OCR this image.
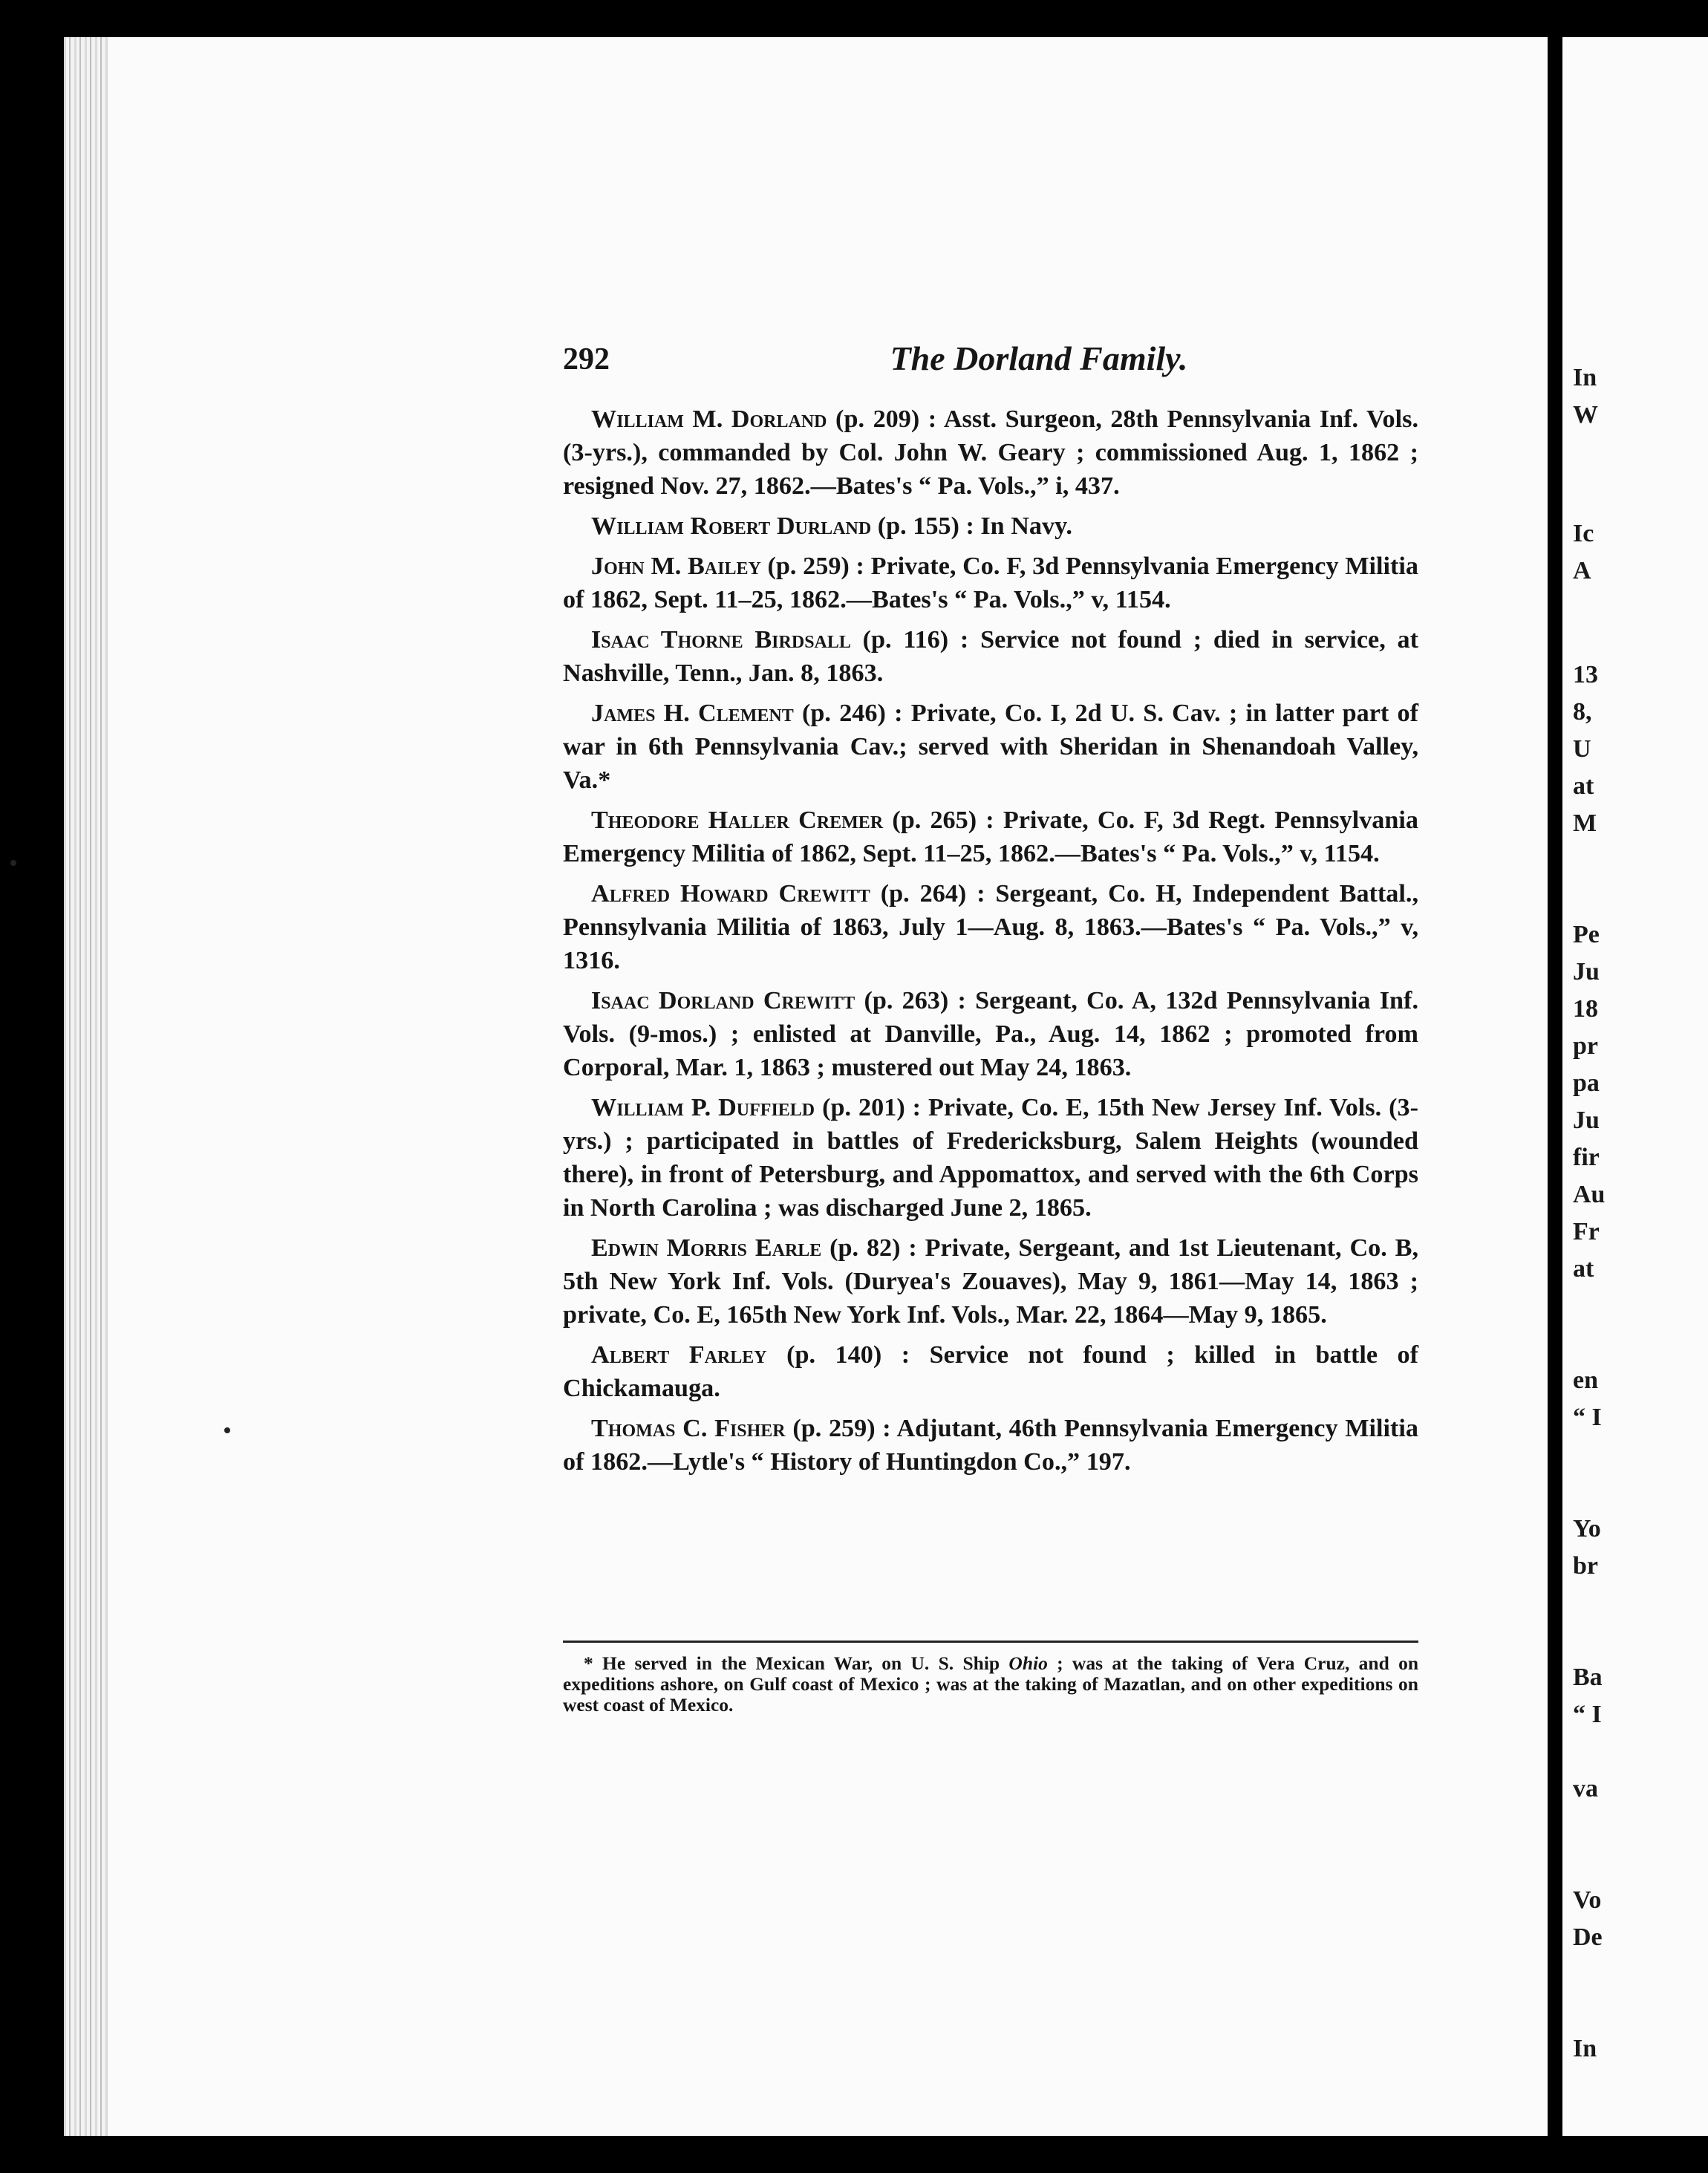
In
W
Ic
A
13
8,
U
at
M
Pe
Ju
18
pr
pa
Ju
fir
Au
Fr
at
en
“ I
Yo
br
Ba
“ I
va
Vo
De
In
292	The Dorland Family.

William M. Dorland (p. 209) : Asst. Surgeon, 28th Pennsylvania Inf. Vols. (3-yrs.), commanded by Col. John W. Geary ; commissioned Aug. 1, 1862 ; resigned Nov. 27, 1862.—Bates's “ Pa. Vols.,” i, 437.

William Robert Durland (p. 155) : In Navy.

John M. Bailey (p. 259) : Private, Co. F, 3d Pennsylvania Emergency Militia of 1862, Sept. 11–25, 1862.—Bates's “ Pa. Vols.,” v, 1154.

Isaac Thorne Birdsall (p. 116) : Service not found ; died in service, at Nashville, Tenn., Jan. 8, 1863.

James H. Clement (p. 246) : Private, Co. I, 2d U. S. Cav. ; in latter part of war in 6th Pennsylvania Cav.; served with Sheridan in Shenandoah Valley, Va.*

Theodore Haller Cremer (p. 265) : Private, Co. F, 3d Regt. Pennsylvania Emergency Militia of 1862, Sept. 11–25, 1862.—Bates's “ Pa. Vols.,” v, 1154.

Alfred Howard Crewitt (p. 264) : Sergeant, Co. H, Independent Battal., Pennsylvania Militia of 1863, July 1—Aug. 8, 1863.—Bates's “ Pa. Vols.,” v, 1316.

Isaac Dorland Crewitt (p. 263) : Sergeant, Co. A, 132d Pennsylvania Inf. Vols. (9-mos.) ; enlisted at Danville, Pa., Aug. 14, 1862 ; promoted from Corporal, Mar. 1, 1863 ; mustered out May 24, 1863.

William P. Duffield (p. 201) : Private, Co. E, 15th New Jersey Inf. Vols. (3-yrs.) ; participated in battles of Fredericksburg, Salem Heights (wounded there), in front of Petersburg, and Appomattox, and served with the 6th Corps in North Carolina ; was discharged June 2, 1865.

Edwin Morris Earle (p. 82) : Private, Sergeant, and 1st Lieutenant, Co. B, 5th New York Inf. Vols. (Duryea's Zouaves), May 9, 1861—May 14, 1863 ; private, Co. E, 165th New York Inf. Vols., Mar. 22, 1864—May 9, 1865.

Albert Farley (p. 140) : Service not found ; killed in battle of Chickamauga.

Thomas C. Fisher (p. 259) : Adjutant, 46th Pennsylvania Emergency Militia of 1862.—Lytle's “ History of Huntingdon Co.,” 197.

* He served in the Mexican War, on U. S. Ship Ohio ; was at the taking of Vera Cruz, and on expeditions ashore, on Gulf coast of Mexico ; was at the taking of Mazatlan, and on other expeditions on west coast of Mexico.
